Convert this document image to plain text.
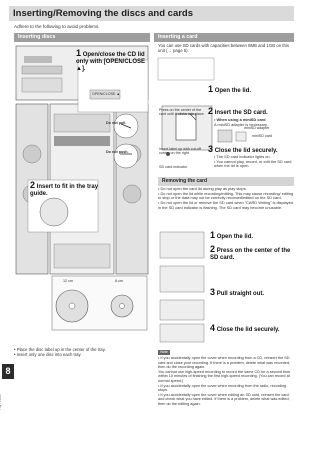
Inserting/Removing the discs and cards
Adhere to the following to avoid problems.
8
Inserting discs	Inserting a card
1 Open/close the CD lid only with [OPEN/CLOSE ▲].
OPEN/CLOSE ▲
Do not pull.
Do not push.
2 Insert to fit in the tray guide.
12 cm	8 cm
• Place the disc label up in the center of the tray.
• Insert only one disc into each tray.
You can use SD cards with capacities between 8MB and 1GB on this unit (→ page 5).
Press on the center of the card until it clicks into place.
Insert label up with cut-off corner on the right.
SD card indicator
1 Open the lid.
2 Insert the SD card.
• When using a miniSD card
A miniSD adapter is necessary.
miniSD adapter
miniSD card
3 Close the lid securely.
• The SD card indicator lights on.
• You cannot play, record, or edit the SD card when the lid is open.
Removing the card
• Do not open the card lid during play as play stops.
• Do not open the lid while recording/editing. This may cause recording/ editing to stop or the data may not be correctly recorded/edited on the SD card.
• Do not open the lid or remove the SD card when “CARD Writing” is displayed in the SD card indicator is flashing. The SD card may become unusable.
1 Open the lid.
2 Press on the center of the SD card.
3 Pull straight out.
4 Close the lid securely.
Note
• If you accidentally open the cover when recording from a CD, reinsert the SD card and close your recording. If there is a problem, delete what was recorded, then do the recording again.
You cannot use high-speed recording to record the same CD for a second time within 10 minutes of finishing the first high-speed recording. (You can record at normal speed.)
• If you accidentally open the cover when recording from the radio, recording stops.
• If you accidentally open the cover when editing an SD card, reinsert the card and check what you have edited. If there is a problem, delete what was edited, then do the editing again.
